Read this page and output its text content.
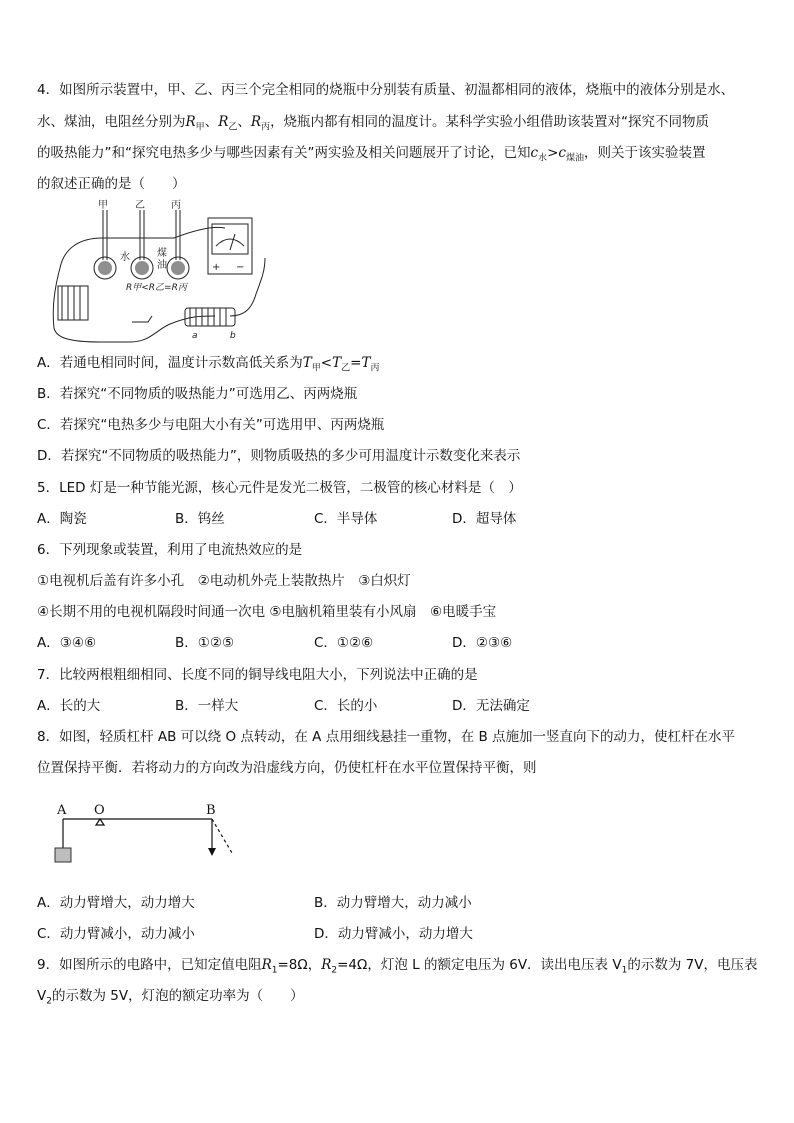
4．如图所示装置中，甲、乙、丙三个完全相同的烧瓶中分别装有质量、初温都相同的液体，烧瓶中的液体分别是水、
水、煤油，电阻丝分别为$R_甲$、$R_乙$、$R_丙$，烧瓶内都有相同的温度计。某科学实验小组借助该装置对“探究不同物质
的吸热能力”和“探究电热多少与哪些因素有关”两实验及相关问题展开了讨论，已知$c_水>c_{煤油}$，则关于该实验装置
的叙述正确的是（　　）
甲	乙	丙
水	煤
油
R甲<R乙=R丙
+ −
a	b
A．若通电相同时间，温度计示数高低关系为$T_甲<T_乙=T_丙$
B．若探究“不同物质的吸热能力”可选用乙、丙两烧瓶
C．若探究“电热多少与电阻大小有关”可选用甲、丙两烧瓶
D．若探究“不同物质的吸热能力”，则物质吸热的多少可用温度计示数变化来表示
5．LED 灯是一种节能光源，核心元件是发光二极管，二极管的核心材料是（　）
A．陶瓷	B．钨丝	C．半导体	D．超导体
6．下列现象或装置，利用了电流热效应的是
①电视机后盖有许多小孔　②电动机外壳上装散热片　③白炽灯
④长期不用的电视机隔段时间通一次电 ⑤电脑机箱里装有小风扇　⑥电暖手宝
A．③④⑥	B．①②⑤	C．①②⑥	D．②③⑥
7．比较两根粗细相同、长度不同的铜导线电阻大小，下列说法中正确的是
A．长的大	B．一样大	C．长的小	D．无法确定
8．如图，轻质杠杆 AB 可以绕 O 点转动，在 A 点用细线悬挂一重物，在 B 点施加一竖直向下的动力，使杠杆在水平
位置保持平衡．若将动力的方向改为沿虚线方向，仍使杠杆在水平位置保持平衡，则
A O	B
A．动力臂增大，动力增大	B．动力臂增大，动力减小
C．动力臂减小，动力减小	D．动力臂减小，动力增大
9．如图所示的电路中，已知定值电阻$R_1=8\Omega$，$R_2=4\Omega$，灯泡 L 的额定电压为 6V．读出电压表 $V_1$的示数为 7V，电压表
$V_2$的示数为 5V，灯泡的额定功率为（　　）
